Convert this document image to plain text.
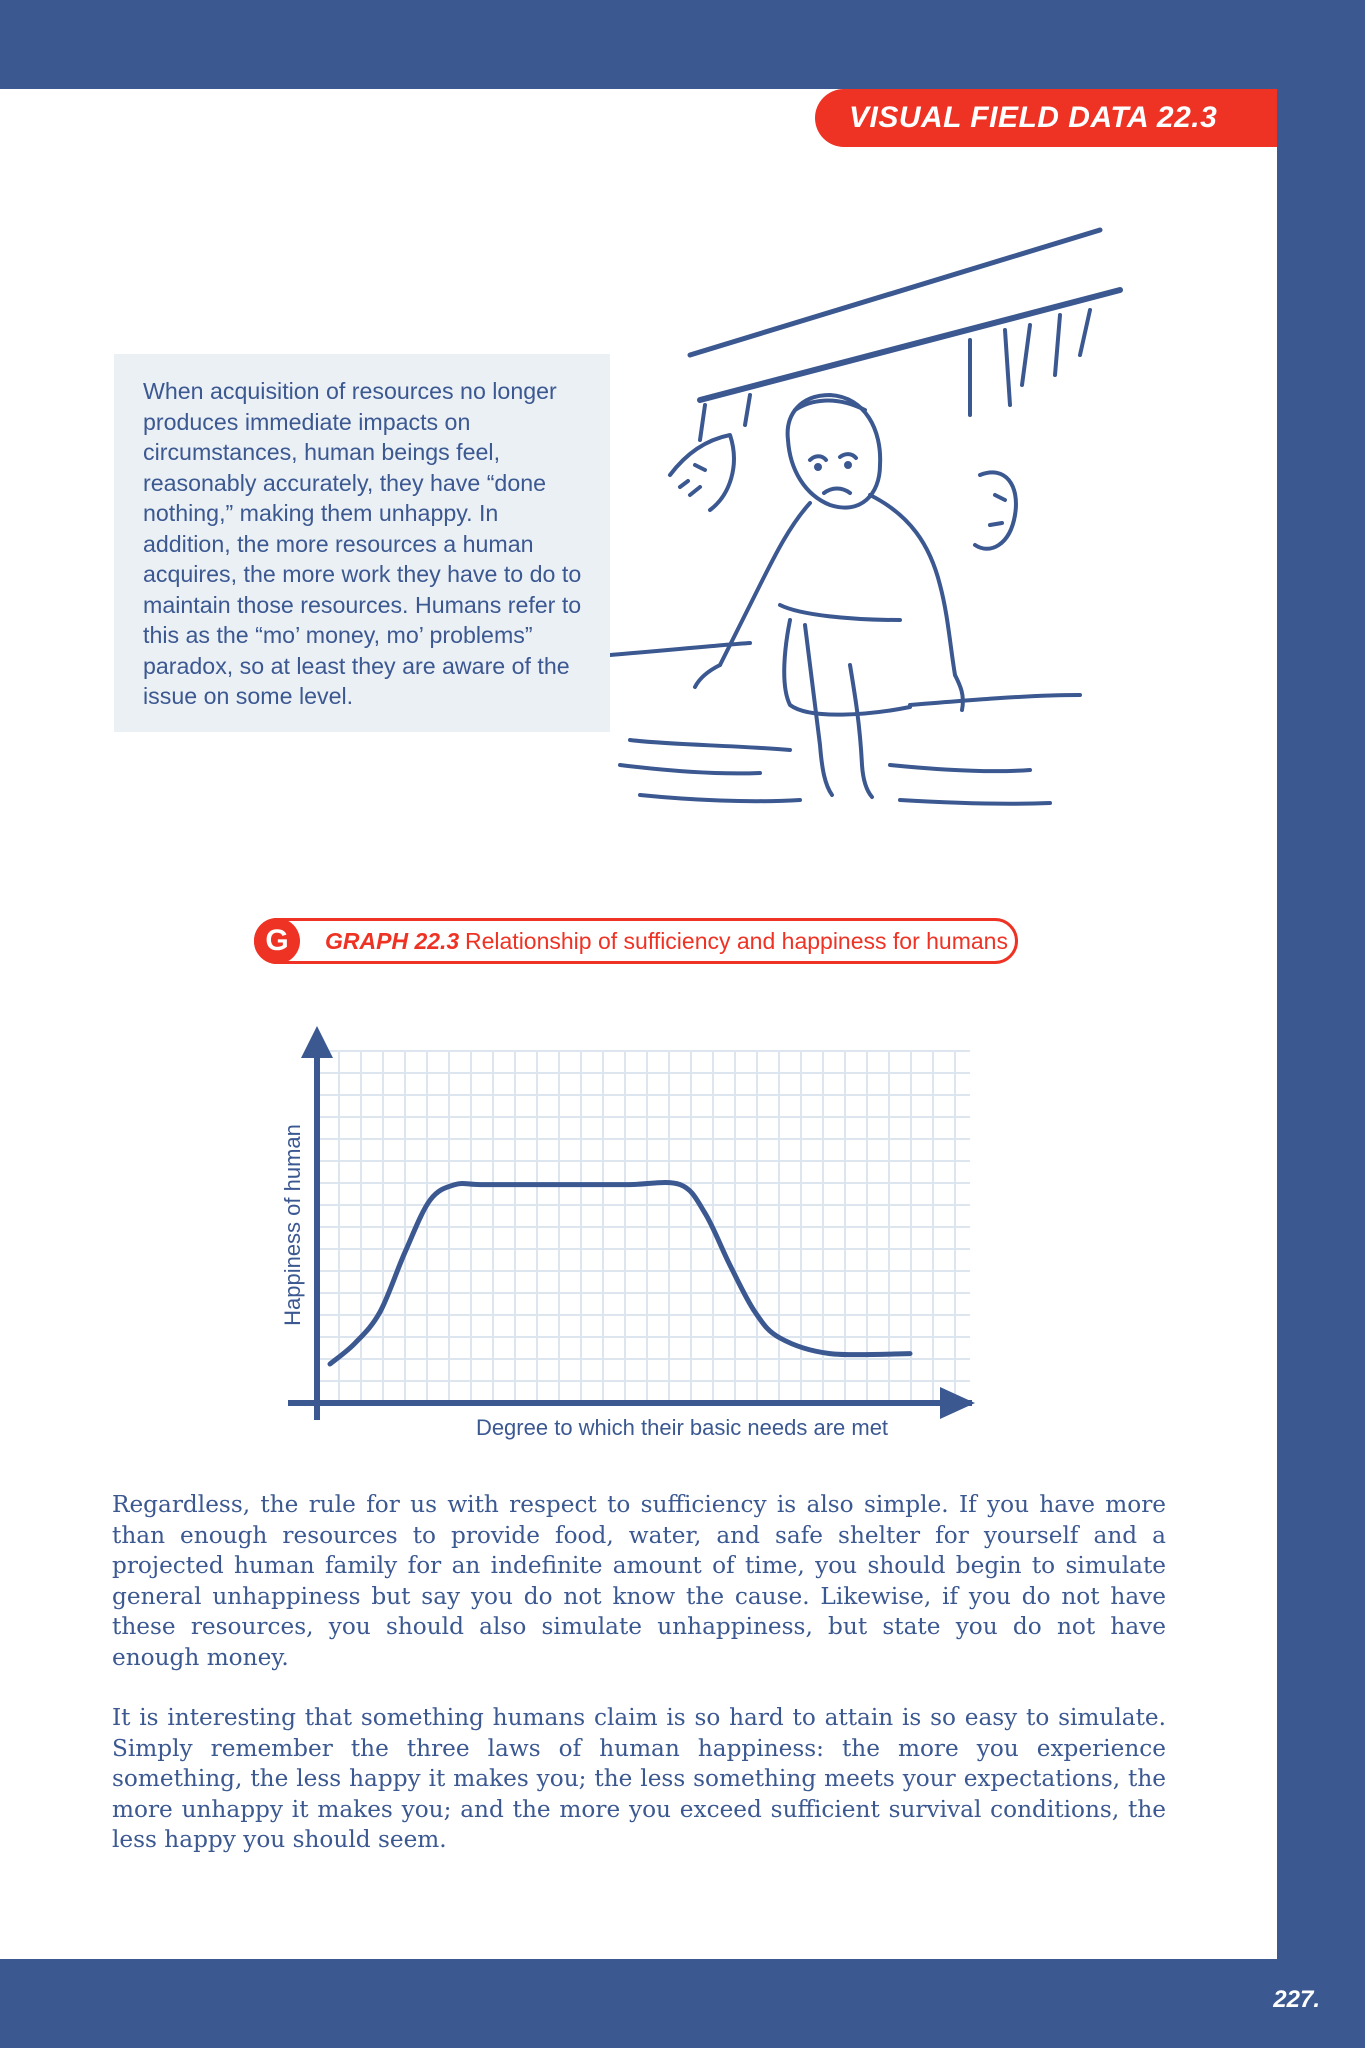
VISUAL FIELD DATA 22.3

When acquisition of resources no longer produces immediate impacts on circumstances, human beings feel, reasonably accurately, they have “done nothing,” making them unhappy. In addition, the more resources a human acquires, the more work they have to do to maintain those resources. Humans refer to this as the “mo’ money, mo’ problems” paradox, so at least they are aware of the issue on some level.

G	GRAPH 22.3 Relationship of sufficiency and happiness for humans
Degree to which their basic needs are met
Happiness of human

Regardless, the rule for us with respect to sufficiency is also simple. If you have more than enough resources to provide food, water, and safe shelter for yourself and a projected human family for an indefinite amount of time, you should begin to simulate general unhappiness but say you do not know the cause. Likewise, if you do not have these resources, you should also simulate unhappiness, but state you do not have enough money.

It is interesting that something humans claim is so hard to attain is so easy to simulate. Simply remember the three laws of human happiness: the more you experience something, the less happy it makes you; the less something meets your expectations, the more unhappy it makes you; and the more you exceed sufficient survival conditions, the less happy you should seem.

227.
